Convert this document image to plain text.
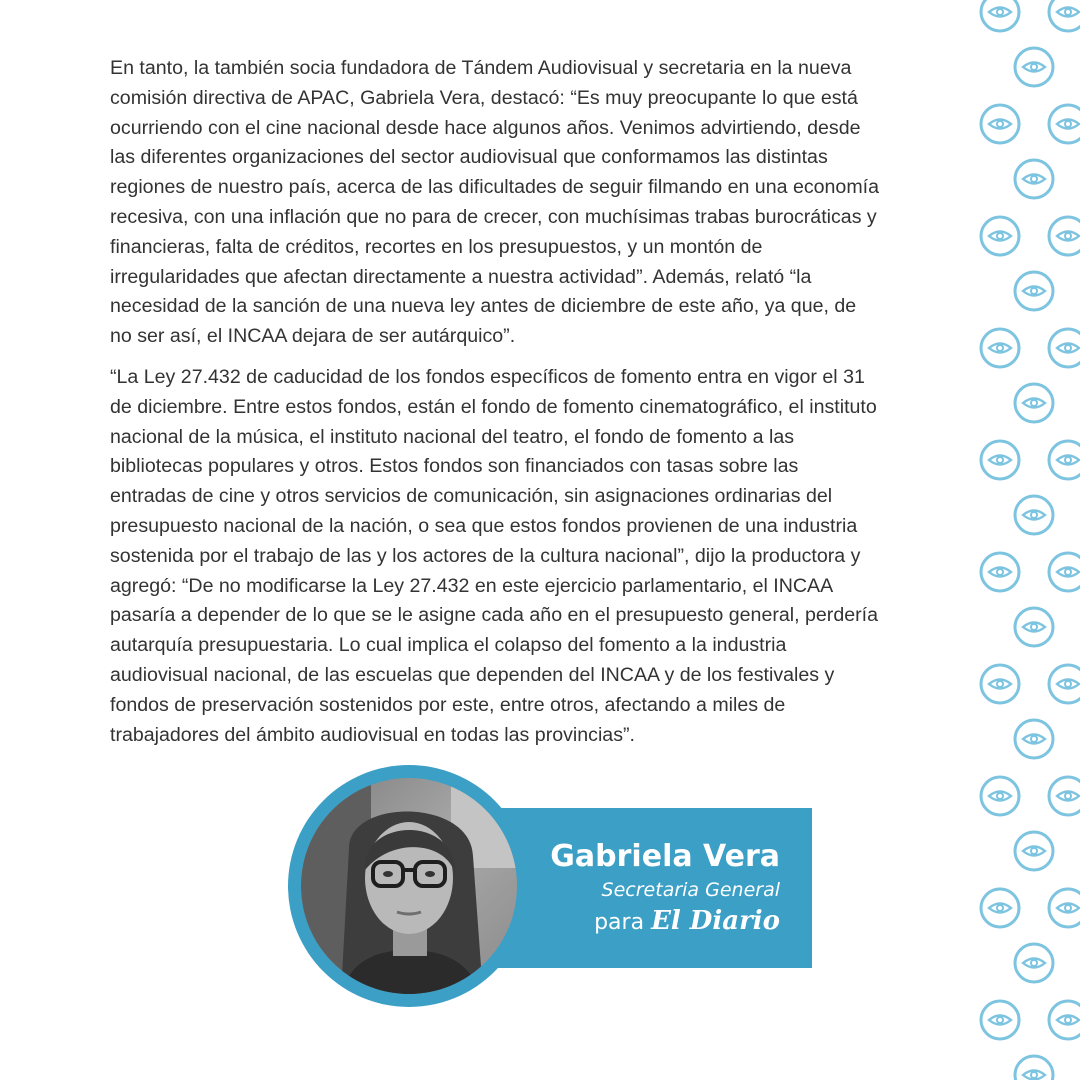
En tanto, la también socia fundadora de Tándem Audiovisual y secretaria en la nueva comisión directiva de APAC, Gabriela Vera, destacó: “Es muy preocupante lo que está ocurriendo con el cine nacional desde hace algunos años. Venimos advirtiendo, desde las diferentes organizaciones del sector audiovisual que conformamos las distintas regiones de nuestro país, acerca de las dificultades de seguir filmando en una economía recesiva, con una inflación que no para de crecer, con muchísimas trabas burocráticas y financieras, falta de créditos, recortes en los presupuestos, y un montón de irregularidades que afectan directamente a nuestra actividad”. Además, relató “la necesidad de la sanción de una nueva ley antes de diciembre de este año, ya que, de no ser así, el INCAA dejara de ser autárquico”.

“La Ley 27.432 de caducidad de los fondos específicos de fomento entra en vigor el 31 de diciembre. Entre estos fondos, están el fondo de fomento cinematográfico, el instituto nacional de la música, el instituto nacional del teatro, el fondo de fomento a las bibliotecas populares y otros. Estos fondos son financiados con tasas sobre las entradas de cine y otros servicios de comunicación, sin asignaciones ordinarias del presupuesto nacional de la nación, o sea que estos fondos provienen de una industria sostenida por el trabajo de las y los actores de la cultura nacional”, dijo la productora y agregó: “De no modificarse la Ley 27.432 en este ejercicio parlamentario, el INCAA pasaría a depender de lo que se le asigne cada año en el presupuesto general, perdería autarquía presupuestaria. Lo cual implica el colapso del fomento a la industria audiovisual nacional, de las escuelas que dependen del INCAA y de los festivales y fondos de preservación sostenidos por este, entre otros, afectando a miles de trabajadores del ámbito audiovisual en todas las provincias”.

Gabriela Vera
Secretaria General
para El Diario
